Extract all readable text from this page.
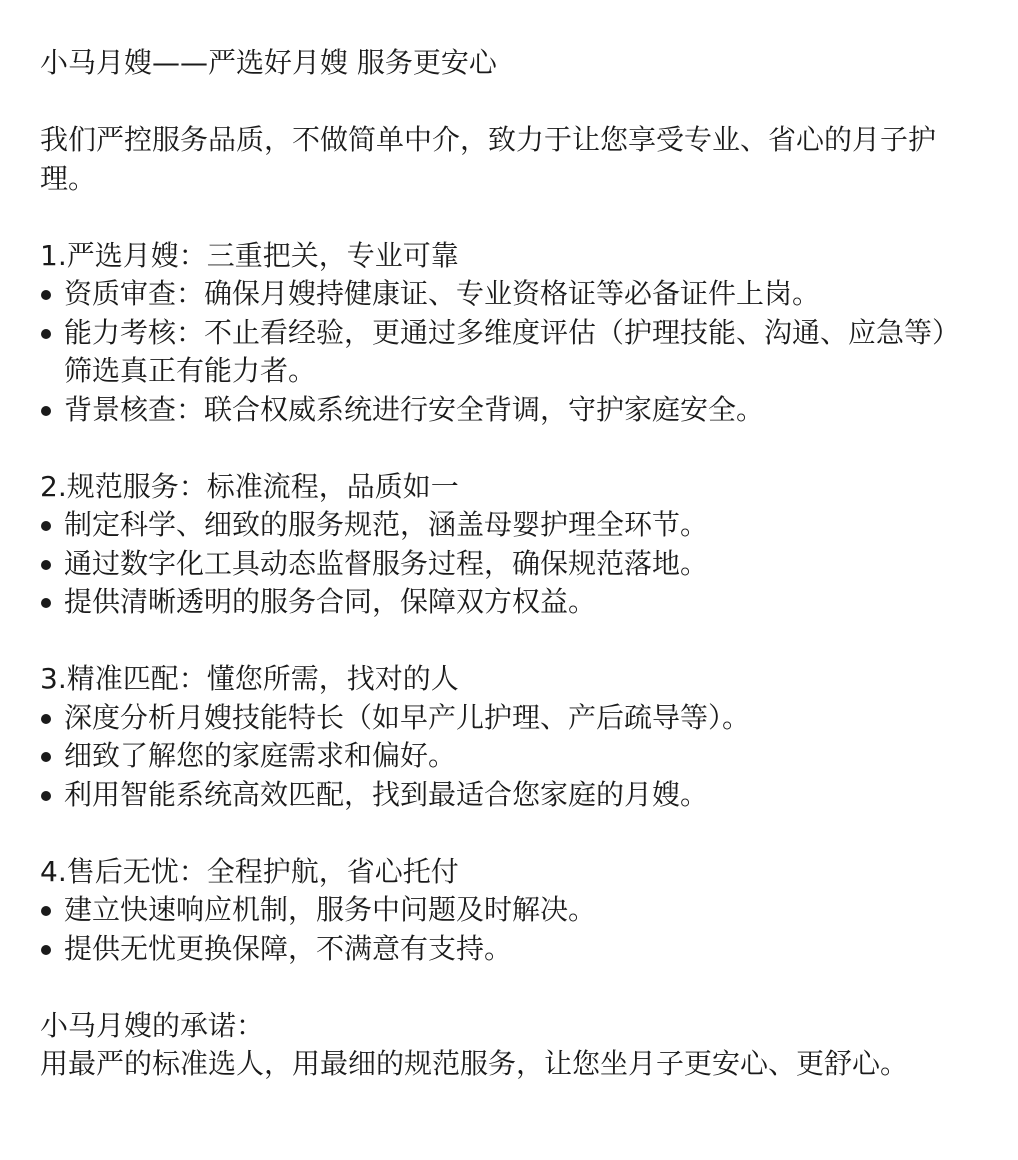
小马月嫂——严选好月嫂 服务更安心

我们严控服务品质，不做简单中介，致力于让您享受专业、省心的月子护理。

1.严选月嫂：三重把关，专业可靠

资质审查：确保月嫂持健康证、专业资格证等必备证件上岗。
能力考核：不止看经验，更通过多维度评估（护理技能、沟通、应急等）筛选真正有能力者。
背景核查：联合权威系统进行安全背调，守护家庭安全。

2.规范服务：标准流程，品质如一

制定科学、细致的服务规范，涵盖母婴护理全环节。
通过数字化工具动态监督服务过程，确保规范落地。
提供清晰透明的服务合同，保障双方权益。

3.精准匹配：懂您所需，找对的人

深度分析月嫂技能特长（如早产儿护理、产后疏导等）。
细致了解您的家庭需求和偏好。
利用智能系统高效匹配，找到最适合您家庭的月嫂。

4.售后无忧：全程护航，省心托付

建立快速响应机制，服务中问题及时解决。
提供无忧更换保障，不满意有支持。

小马月嫂的承诺：

用最严的标准选人，用最细的规范服务，让您坐月子更安心、更舒心。
